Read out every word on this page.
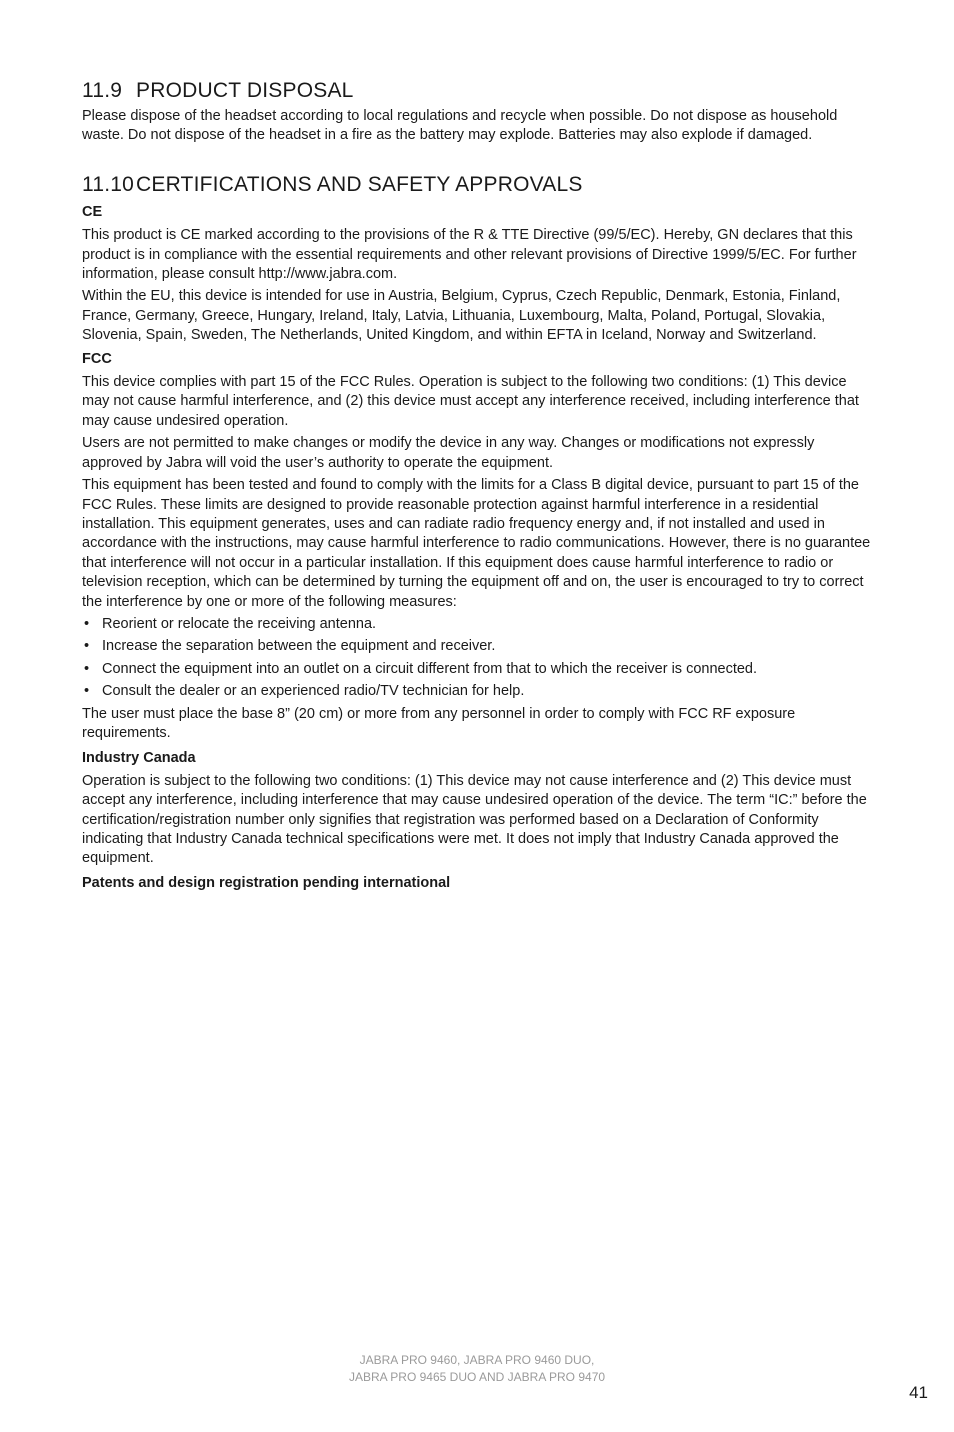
11.9 PRODUCT DISPOSAL

Please dispose of the headset according to local regulations and recycle when possible. Do not dispose as household waste. Do not dispose of the headset in a fire as the battery may explode. Batteries may also explode if damaged.

11.10CERTIFICATIONS AND SAFETY APPROVALS
CE

This product is CE marked according to the provisions of the R & TTE Directive (99/5/EC). Hereby, GN declares that this product is in compliance with the essential requirements and other relevant provisions of Directive 1999/5/EC. For further information, please consult http://www.jabra.com.

Within the EU, this device is intended for use in Austria, Belgium, Cyprus, Czech Republic, Denmark, Estonia, Finland, France, Germany, Greece, Hungary, Ireland, Italy, Latvia, Lithuania, Luxembourg, Malta, Poland, Portugal, Slovakia, Slovenia, Spain, Sweden, The Netherlands, United Kingdom, and within EFTA in Iceland, Norway and Switzerland.

FCC

This device complies with part 15 of the FCC Rules. Operation is subject to the following two conditions: (1) This device may not cause harmful interference, and (2) this device must accept any interference received, including interference that may cause undesired operation.

Users are not permitted to make changes or modify the device in any way. Changes or modifications not expressly approved by Jabra will void the user’s authority to operate the equipment.

This equipment has been tested and found to comply with the limits for a Class B digital device, pursuant to part 15 of the FCC Rules. These limits are designed to provide reasonable protection against harmful interference in a residential installation. This equipment generates, uses and can radiate radio frequency energy and, if not installed and used in accordance with the instructions, may cause harmful interference to radio communications. However, there is no guarantee that interference will not occur in a particular installation. If this equipment does cause harmful interference to radio or television reception, which can be determined by turning the equipment off and on, the user is encouraged to try to correct the interference by one or more of the following measures:

• Reorient or relocate the receiving antenna.
• Increase the separation between the equipment and receiver.
• Connect the equipment into an outlet on a circuit different from that to which the receiver is connected.
• Consult the dealer or an experienced radio/TV technician for help.

The user must place the base 8” (20 cm) or more from any personnel in order to comply with FCC RF exposure requirements.

Industry Canada

Operation is subject to the following two conditions: (1) This device may not cause interference and (2) This device must accept any interference, including interference that may cause undesired operation of the device. The term “IC:” before the certification/registration number only signifies that registration was performed based on a Declaration of Conformity indicating that Industry Canada technical specifications were met. It does not imply that Industry Canada approved the equipment.

Patents and design registration pending international
JABRA PRO 9460, JABRA PRO 9460 DUO,
JABRA PRO 9465 DUO AND JABRA PRO 9470
41
